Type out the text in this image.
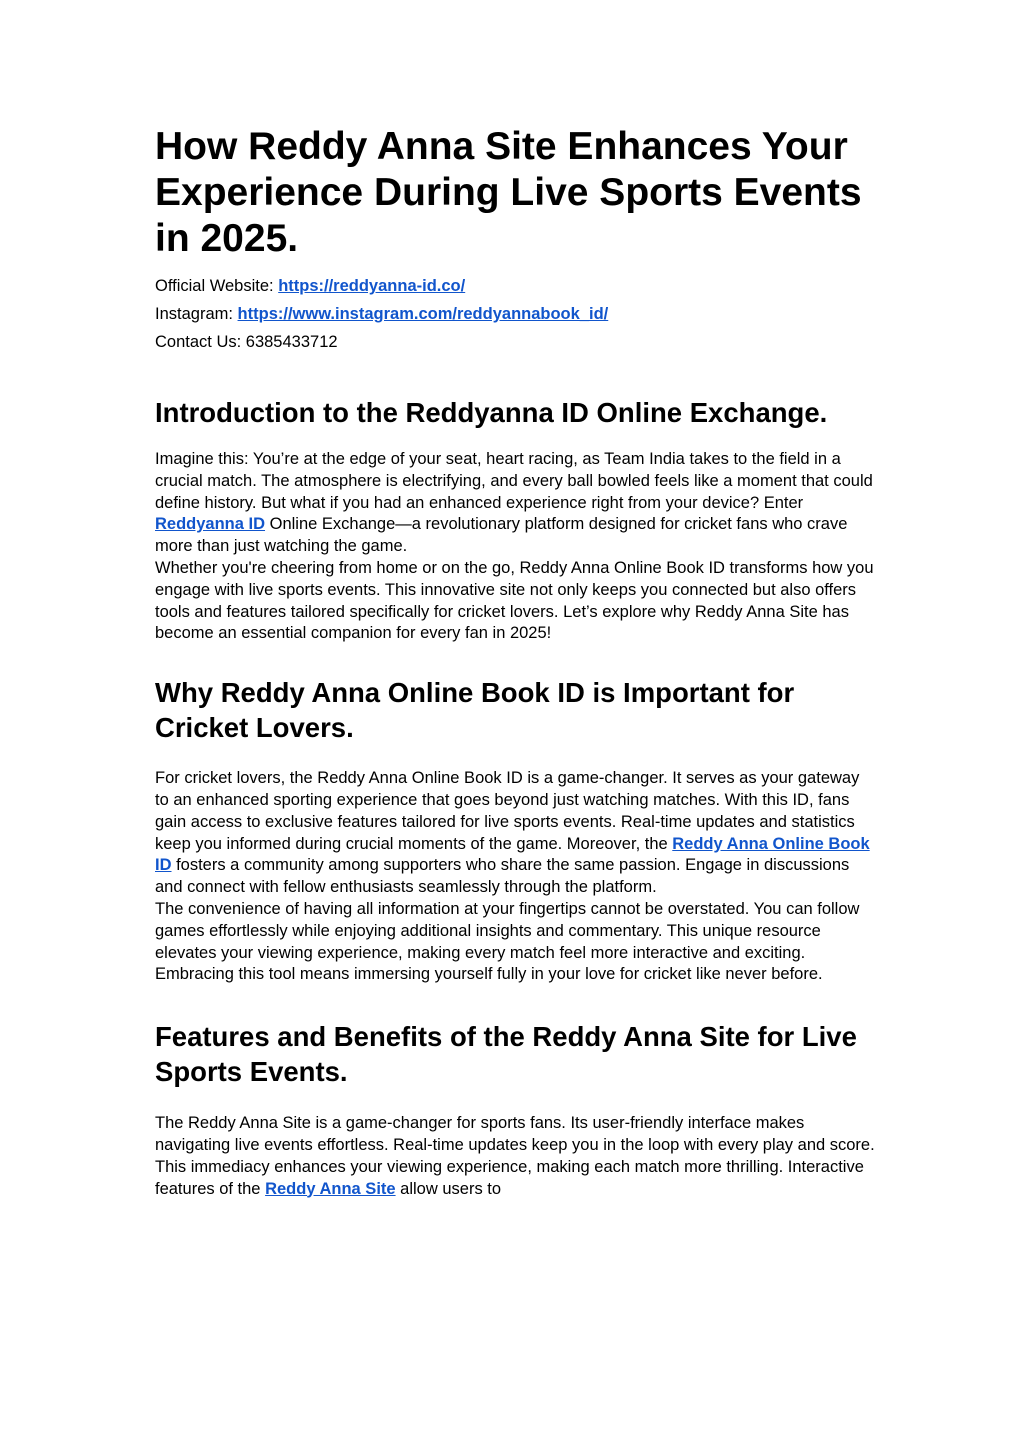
How Reddy Anna Site Enhances Your Experience During Live Sports Events in 2025.

Official Website: https://reddyanna-id.co/

Instagram: https://www.instagram.com/reddyannabook_id/

Contact Us: 6385433712

Introduction to the Reddyanna ID Online Exchange.

Imagine this: You’re at the edge of your seat, heart racing, as Team India takes to the field in a crucial match. The atmosphere is electrifying, and every ball bowled feels like a moment that could define history. But what if you had an enhanced experience right from your device? Enter Reddyanna ID Online Exchange—a revolutionary platform designed for cricket fans who crave more than just watching the game.

Whether you're cheering from home or on the go, Reddy Anna Online Book ID transforms how you engage with live sports events. This innovative site not only keeps you connected but also offers tools and features tailored specifically for cricket lovers. Let’s explore why Reddy Anna Site has become an essential companion for every fan in 2025!

Why Reddy Anna Online Book ID is Important for Cricket Lovers.

For cricket lovers, the Reddy Anna Online Book ID is a game-changer. It serves as your gateway to an enhanced sporting experience that goes beyond just watching matches. With this ID, fans gain access to exclusive features tailored for live sports events. Real-time updates and statistics keep you informed during crucial moments of the game. Moreover, the Reddy Anna Online Book ID fosters a community among supporters who share the same passion. Engage in discussions and connect with fellow enthusiasts seamlessly through the platform.

The convenience of having all information at your fingertips cannot be overstated. You can follow games effortlessly while enjoying additional insights and commentary. This unique resource elevates your viewing experience, making every match feel more interactive and exciting. Embracing this tool means immersing yourself fully in your love for cricket like never before.

Features and Benefits of the Reddy Anna Site for Live Sports Events.

The Reddy Anna Site is a game-changer for sports fans. Its user-friendly interface makes navigating live events effortless. Real-time updates keep you in the loop with every play and score. This immediacy enhances your viewing experience, making each match more thrilling. Interactive features of the Reddy Anna Site allow users to
